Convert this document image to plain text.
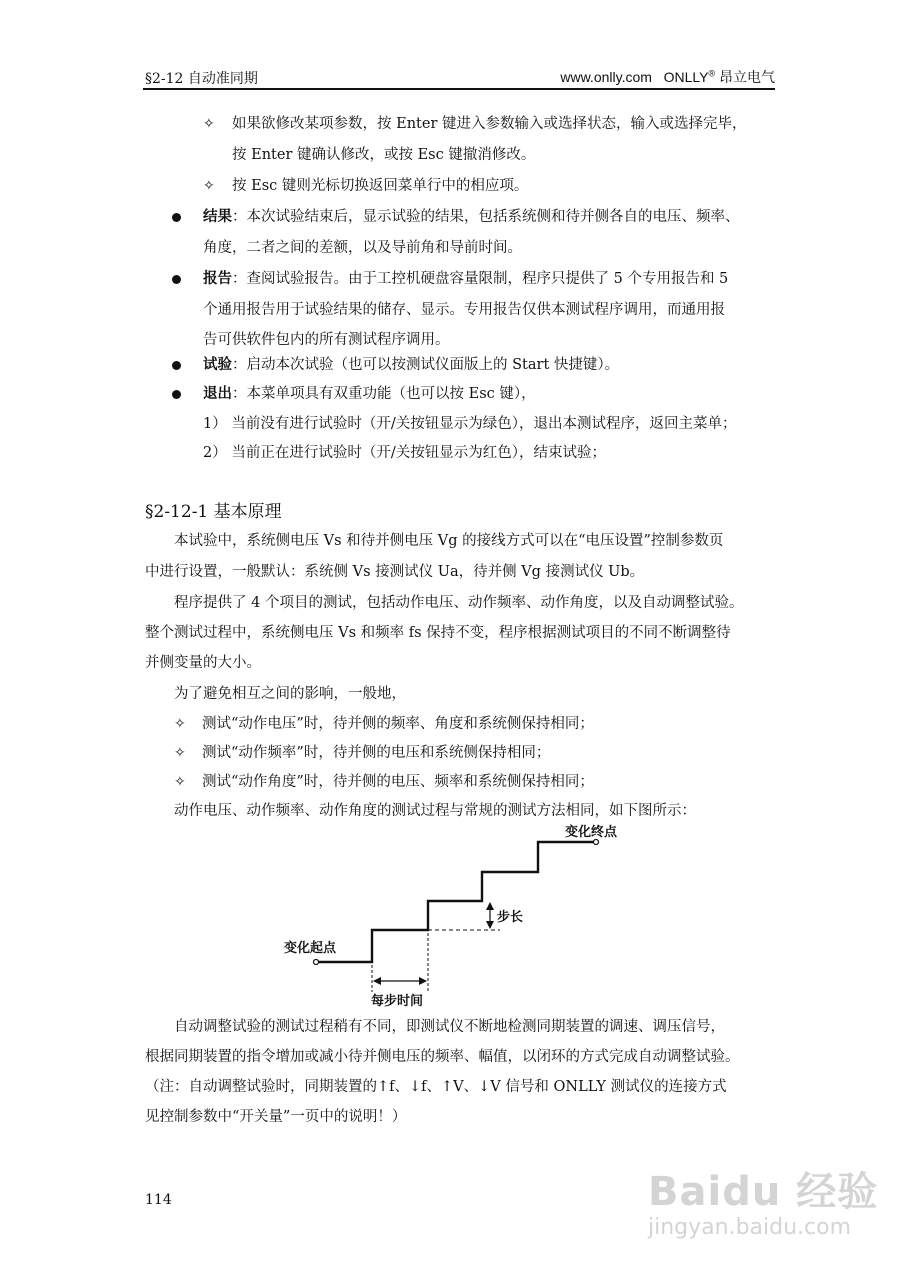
§2-12 自动准同期	www.onlly.com ONLLY® 昂立电气
✧ 如果欲修改某项参数，按 Enter 键进入参数输入或选择状态，输入或选择完毕，
按 Enter 键确认修改，或按 Esc 键撤消修改。
✧ 按 Esc 键则光标切换返回菜单行中的相应项。
结果：本次试验结束后，显示试验的结果，包括系统侧和待并侧各自的电压、频率、
角度，二者之间的差额，以及导前角和导前时间。
报告：查阅试验报告。由于工控机硬盘容量限制，程序只提供了 5 个专用报告和 5
个通用报告用于试验结果的储存、显示。专用报告仅供本测试程序调用，而通用报
告可供软件包内的所有测试程序调用。
试验：启动本次试验（也可以按测试仪面版上的 Start 快捷键）。
退出：本菜单项具有双重功能（也可以按 Esc 键），
1） 当前没有进行试验时（开/关按钮显示为绿色），退出本测试程序，返回主菜单；
2） 当前正在进行试验时（开/关按钮显示为红色），结束试验；
§2-12-1 基本原理
本试验中，系统侧电压 Vs 和待并侧电压 Vg 的接线方式可以在“电压设置”控制参数页
中进行设置，一般默认：系统侧 Vs 接测试仪 Ua，待并侧 Vg 接测试仪 Ub。
程序提供了 4 个项目的测试，包括动作电压、动作频率、动作角度，以及自动调整试验。
整个测试过程中，系统侧电压 Vs 和频率 fs 保持不变，程序根据测试项目的不同不断调整待
并侧变量的大小。
为了避免相互之间的影响，一般地，
✧ 测试“动作电压”时，待并侧的频率、角度和系统侧保持相同；
✧ 测试“动作频率”时，待并侧的电压和系统侧保持相同；
✧ 测试“动作角度”时，待并侧的电压、频率和系统侧保持相同；
动作电压、动作频率、动作角度的测试过程与常规的测试方法相同，如下图所示：
变化终点
变化起点
步长
每步时间
自动调整试验的测试过程稍有不同，即测试仪不断地检测同期装置的调速、调压信号，
根据同期装置的指令增加或减小待并侧电压的频率、幅值，以闭环的方式完成自动调整试验。
（注：自动调整试验时，同期装置的↑f、↓f、↑V、↓V 信号和 ONLLY 测试仪的连接方式
见控制参数中“开关量”一页中的说明！）
114	Baidu 经验
jingyan.baidu.com
